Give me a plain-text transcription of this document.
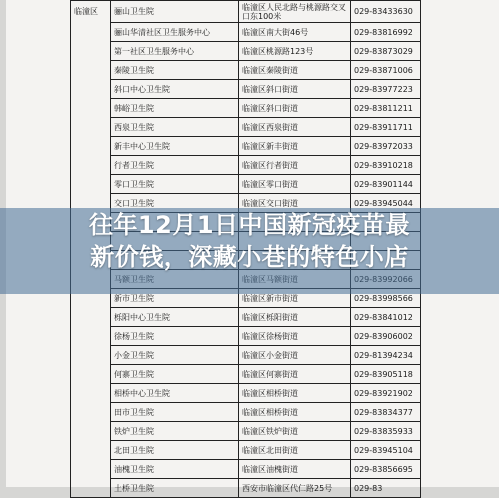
临潼区	骊山卫生院	临潼区人民北路与桃源路交叉口东100米	029-83433630
	骊山华清社区卫生服务中心	临潼区南大街46号	029-83816992
	第一社区卫生服务中心	临潼区桃源路123号	029-83873029
	秦陵卫生院	临潼区秦陵街道	029-83871006
	斜口中心卫生院	临潼区斜口街道	029-83977223
	韩峪卫生院	临潼区斜口街道	029-83811211
	西泉卫生院	临潼区西泉街道	029-83911711
	新丰中心卫生院	临潼区新丰街道	029-83972033
	行者卫生院	临潼区行者街道	029-83910218
	零口卫生院	临潼区零口街道	029-83901144
	交口卫生院	临潼区交口街道	029-83945044

	新市卫生院	临潼区新市街道	029-83998566
	栎阳中心卫生院	临潼区栎阳街道	029-83841012
	徐杨卫生院	临潼区徐杨街道	029-83906002
	小金卫生院	临潼区小金街道	029-81394234
	何寨卫生院	临潼区何寨街道	029-83905118
	相桥中心卫生院	临潼区相桥街道	029-83921902
	田市卫生院	临潼区相桥街道	029-83834377
	铁炉卫生院	临潼区铁炉街道	029-83835933
	北田卫生院	临潼区北田街道	029-83945104
	油槐卫生院	临潼区油槐街道	029-83856695
	土桥卫生院	西安市临潼区代仁路25号	029-83
往年12月1日中国新冠疫苗最
新价钱，深藏小巷的特色小店
